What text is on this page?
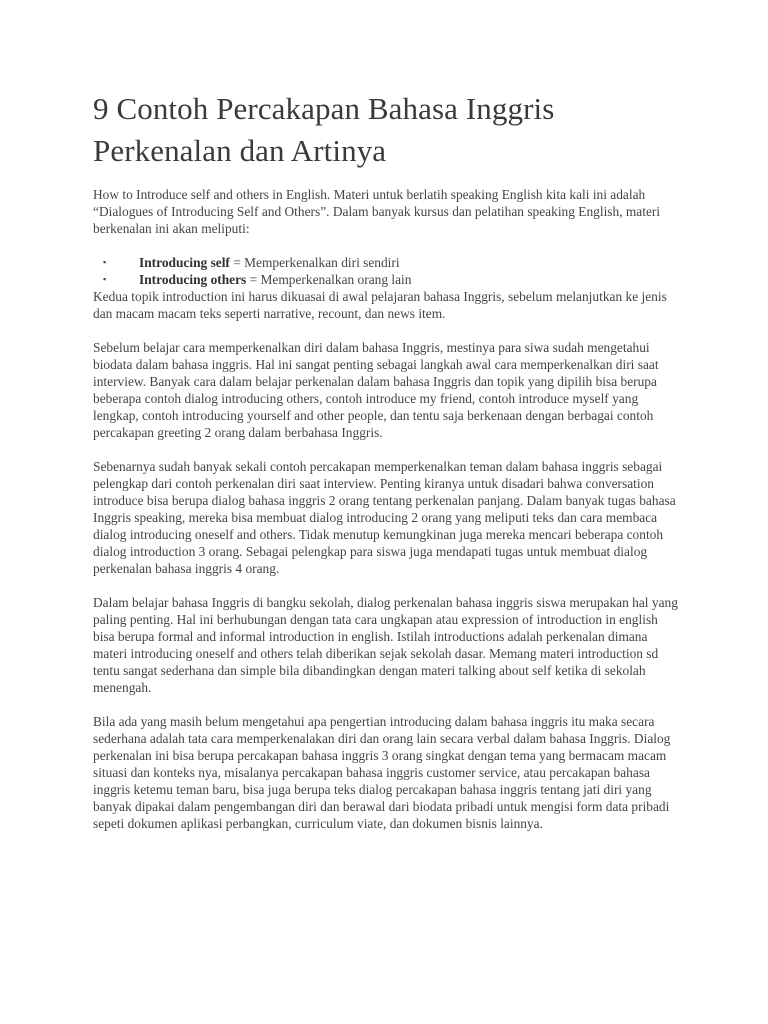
9 Contoh Percakapan Bahasa Inggris Perkenalan dan Artinya

How to Introduce self and others in English. Materi untuk berlatih speaking English kita kali ini adalah “Dialogues of Introducing Self and Others”. Dalam banyak kursus dan pelatihan speaking English, materi berkenalan ini akan meliputi:

▪ Introducing self = Memperkenalkan diri sendiri
▪ Introducing others = Memperkenalkan orang lain

Kedua topik introduction ini harus dikuasai di awal pelajaran bahasa Inggris, sebelum melanjutkan ke jenis dan macam macam teks seperti narrative, recount, dan news item.

Sebelum belajar cara memperkenalkan diri dalam bahasa Inggris, mestinya para siwa sudah mengetahui biodata dalam bahasa inggris. Hal ini sangat penting sebagai langkah awal cara memperkenalkan diri saat interview. Banyak cara dalam belajar perkenalan dalam bahasa Inggris dan topik yang dipilih bisa berupa beberapa contoh dialog introducing others, contoh introduce my friend, contoh introduce myself yang lengkap, contoh introducing yourself and other people, dan tentu saja berkenaan dengan berbagai contoh percakapan greeting 2 orang dalam berbahasa Inggris.

Sebenarnya sudah banyak sekali contoh percakapan memperkenalkan teman dalam bahasa inggris sebagai pelengkap dari contoh perkenalan diri saat interview. Penting kiranya untuk disadari bahwa conversation introduce bisa berupa dialog bahasa inggris 2 orang tentang perkenalan panjang. Dalam banyak tugas bahasa Inggris speaking, mereka bisa membuat dialog introducing 2 orang yang meliputi teks dan cara membaca dialog introducing oneself and others. Tidak menutup kemungkinan juga mereka mencari beberapa contoh dialog introduction 3 orang. Sebagai pelengkap para siswa juga mendapati tugas untuk membuat dialog perkenalan bahasa inggris 4 orang.

Dalam belajar bahasa Inggris di bangku sekolah, dialog perkenalan bahasa inggris siswa merupakan hal yang paling penting. Hal ini berhubungan dengan tata cara ungkapan atau expression of introduction in english bisa berupa formal and informal introduction in english. Istilah introductions adalah perkenalan dimana materi introducing oneself and others telah diberikan sejak sekolah dasar. Memang materi introduction sd tentu sangat sederhana dan simple bila dibandingkan dengan materi talking about self ketika di sekolah menengah.

Bila ada yang masih belum mengetahui apa pengertian introducing dalam bahasa inggris itu maka secara sederhana adalah tata cara memperkenalakan diri dan orang lain secara verbal dalam bahasa Inggris. Dialog perkenalan ini bisa berupa percakapan bahasa inggris 3 orang singkat dengan tema yang bermacam macam situasi dan konteks nya, misalanya percakapan bahasa inggris customer service, atau percakapan bahasa inggris ketemu teman baru, bisa juga berupa teks dialog percakapan bahasa inggris tentang jati diri yang banyak dipakai dalam pengembangan diri dan berawal dari biodata pribadi untuk mengisi form data pribadi sepeti dokumen aplikasi perbangkan, curriculum viate, dan dokumen bisnis lainnya.
